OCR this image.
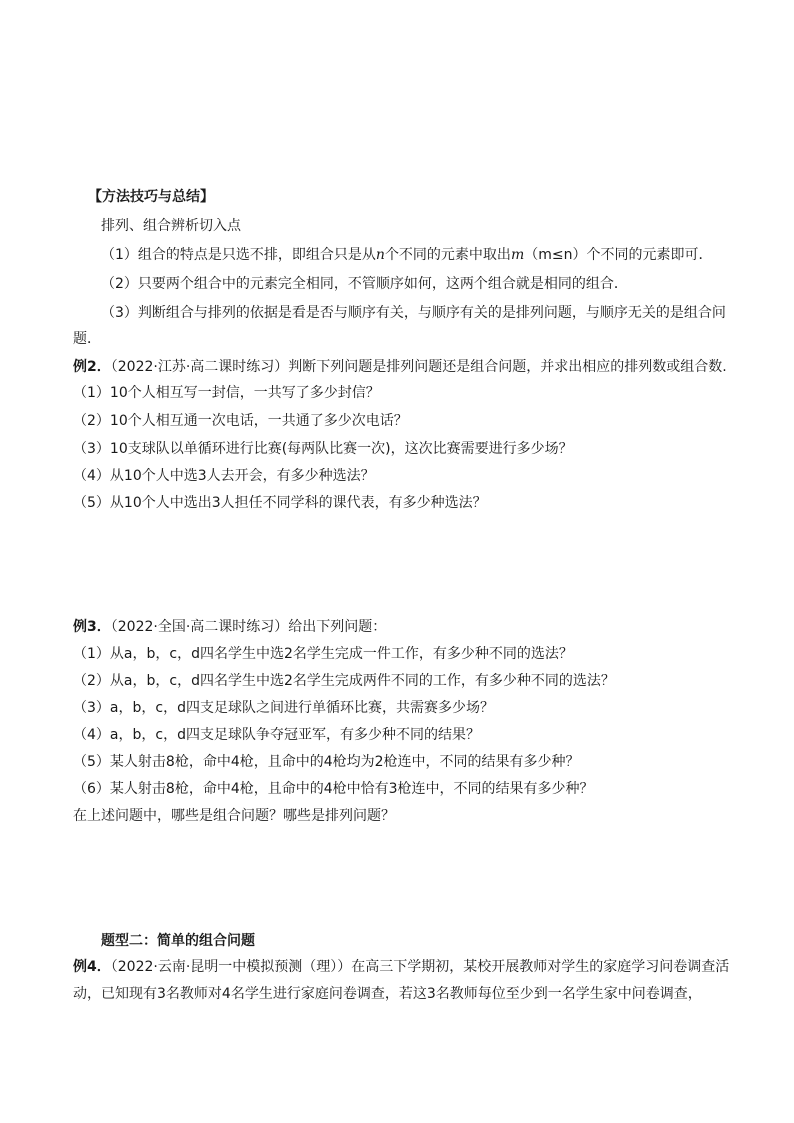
【方法技巧与总结】
排列、组合辨析切入点
（1）组合的特点是只选不排，即组合只是从n个不同的元素中取出m（m≤n）个不同的元素即可．
（2）只要两个组合中的元素完全相同，不管顺序如何，这两个组合就是相同的组合．
（3）判断组合与排列的依据是看是否与顺序有关，与顺序有关的是排列问题，与顺序无关的是组合问
题．
例2．（2022·江苏·高二课时练习）判断下列问题是排列问题还是组合问题，并求出相应的排列数或组合数.
（1）10个人相互写一封信，一共写了多少封信？
（2）10个人相互通一次电话，一共通了多少次电话？
（3）10支球队以单循环进行比赛(每两队比赛一次)，这次比赛需要进行多少场？
（4）从10个人中选3人去开会，有多少种选法？
（5）从10个人中选出3人担任不同学科的课代表，有多少种选法？
例3．（2022·全国·高二课时练习）给出下列问题：
（1）从a，b，c，d四名学生中选2名学生完成一件工作，有多少种不同的选法？
（2）从a，b，c，d四名学生中选2名学生完成两件不同的工作，有多少种不同的选法？
（3）a，b，c，d四支足球队之间进行单循环比赛，共需赛多少场？
（4）a，b，c，d四支足球队争夺冠亚军，有多少种不同的结果？
（5）某人射击8枪，命中4枪，且命中的4枪均为2枪连中，不同的结果有多少种？
（6）某人射击8枪，命中4枪，且命中的4枪中恰有3枪连中，不同的结果有多少种？
在上述问题中，哪些是组合问题？哪些是排列问题？
题型二：简单的组合问题
例4．（2022·云南·昆明一中模拟预测（理））在高三下学期初，某校开展教师对学生的家庭学习问卷调查活
动，已知现有3名教师对4名学生进行家庭问卷调查，若这3名教师每位至少到一名学生家中问卷调查，
